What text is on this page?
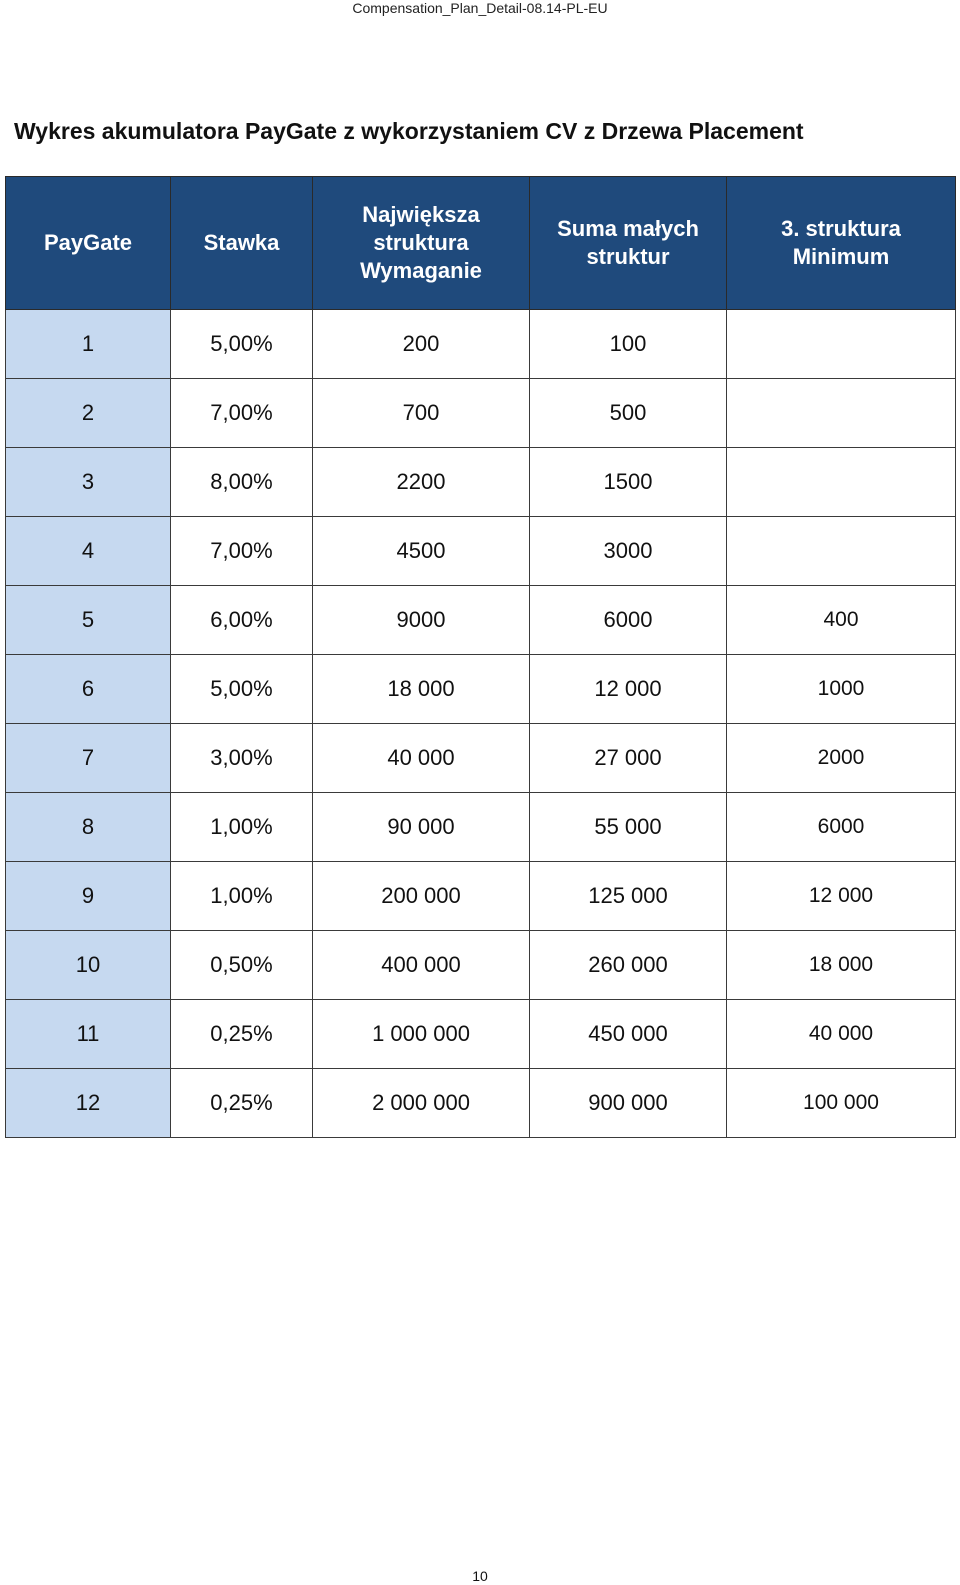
Compensation_Plan_Detail-08.14-PL-EU
Wykres akumulatora PayGate z wykorzystaniem CV z Drzewa Placement
PayGate	Stawka	Największa struktura Wymaganie	Suma małych struktur	3. struktura Minimum
1	5,00%	200	100	
2	7,00%	700	500	
3	8,00%	2200	1500	
4	7,00%	4500	3000	
5	6,00%	9000	6000	400
6	5,00%	18 000	12 000	1000
7	3,00%	40 000	27 000	2000
8	1,00%	90 000	55 000	6000
9	1,00%	200 000	125 000	12 000
10	0,50%	400 000	260 000	18 000
11	0,25%	1 000 000	450 000	40 000
12	0,25%	2 000 000	900 000	100 000
10
